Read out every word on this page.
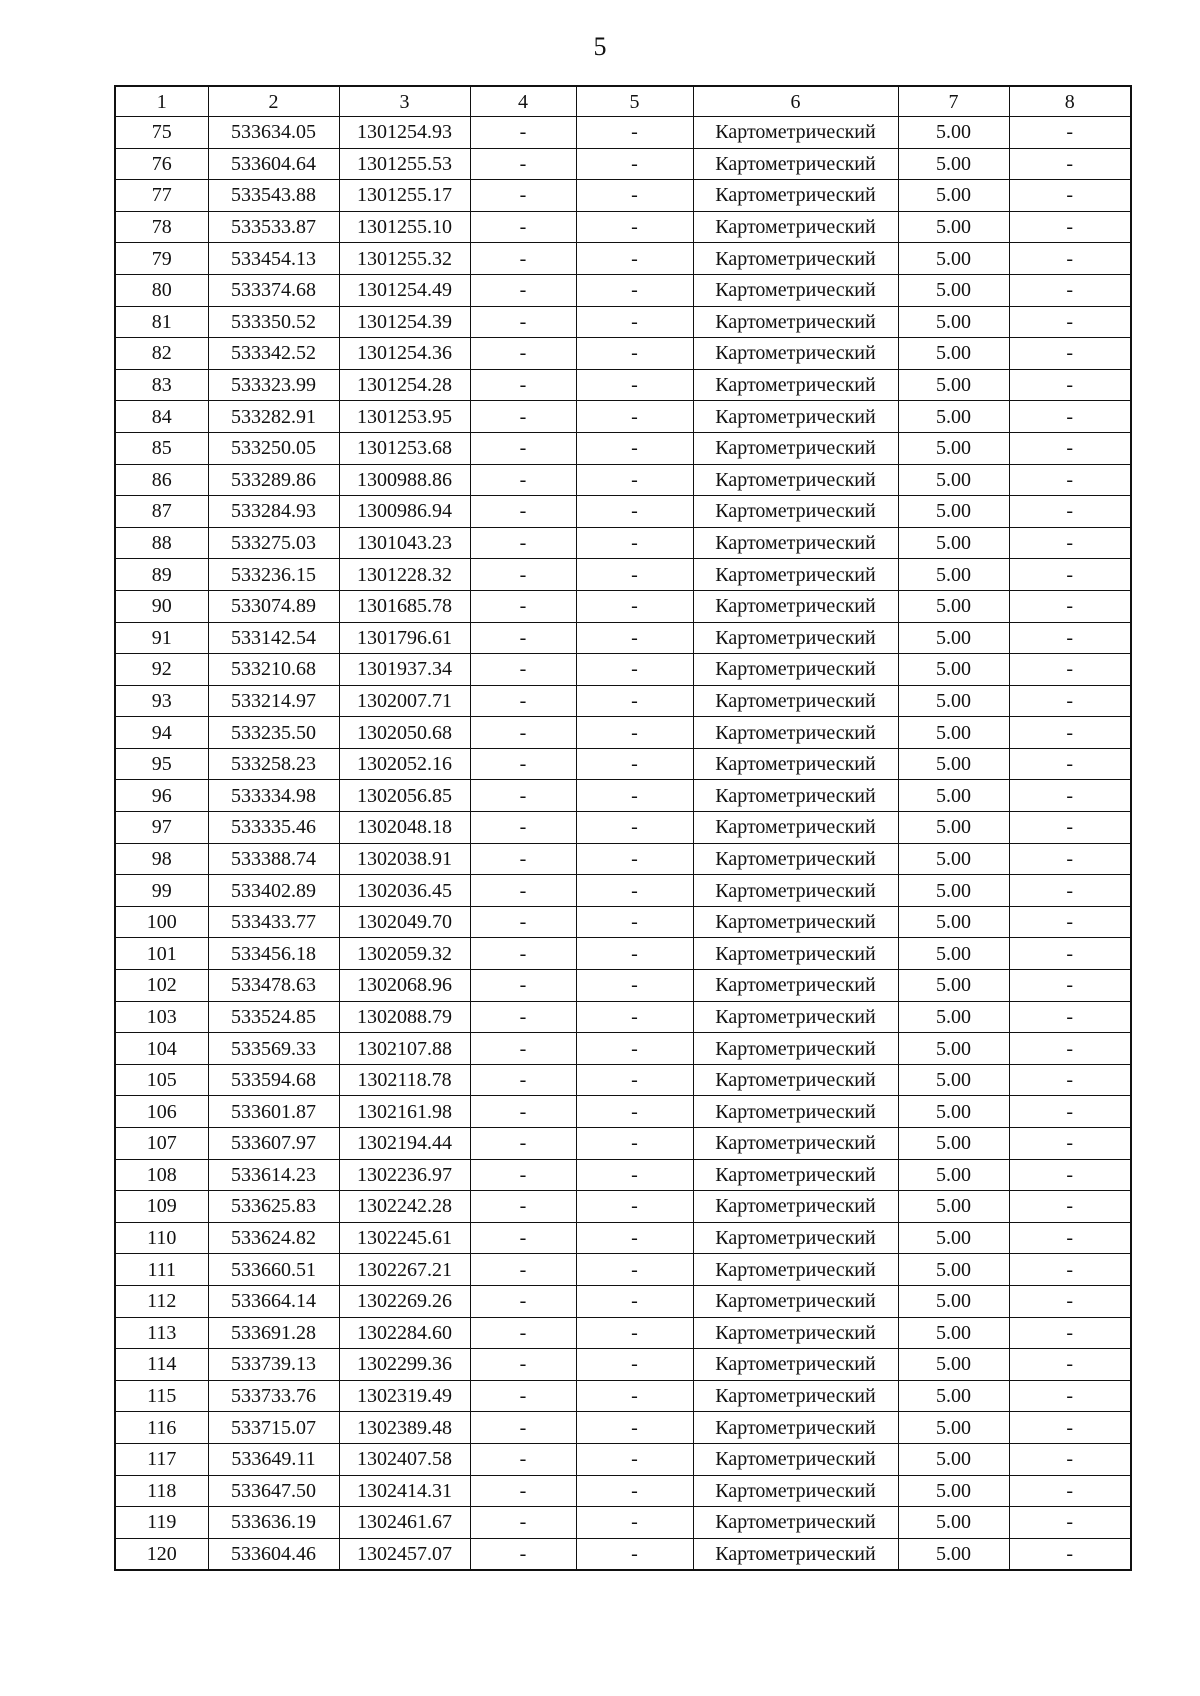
5
1	2	3	4	5	6	7	8
75	533634.05	1301254.93	-	-	Картометрический	5.00	-
76	533604.64	1301255.53	-	-	Картометрический	5.00	-
77	533543.88	1301255.17	-	-	Картометрический	5.00	-
78	533533.87	1301255.10	-	-	Картометрический	5.00	-
79	533454.13	1301255.32	-	-	Картометрический	5.00	-
80	533374.68	1301254.49	-	-	Картометрический	5.00	-
81	533350.52	1301254.39	-	-	Картометрический	5.00	-
82	533342.52	1301254.36	-	-	Картометрический	5.00	-
83	533323.99	1301254.28	-	-	Картометрический	5.00	-
84	533282.91	1301253.95	-	-	Картометрический	5.00	-
85	533250.05	1301253.68	-	-	Картометрический	5.00	-
86	533289.86	1300988.86	-	-	Картометрический	5.00	-
87	533284.93	1300986.94	-	-	Картометрический	5.00	-
88	533275.03	1301043.23	-	-	Картометрический	5.00	-
89	533236.15	1301228.32	-	-	Картометрический	5.00	-
90	533074.89	1301685.78	-	-	Картометрический	5.00	-
91	533142.54	1301796.61	-	-	Картометрический	5.00	-
92	533210.68	1301937.34	-	-	Картометрический	5.00	-
93	533214.97	1302007.71	-	-	Картометрический	5.00	-
94	533235.50	1302050.68	-	-	Картометрический	5.00	-
95	533258.23	1302052.16	-	-	Картометрический	5.00	-
96	533334.98	1302056.85	-	-	Картометрический	5.00	-
97	533335.46	1302048.18	-	-	Картометрический	5.00	-
98	533388.74	1302038.91	-	-	Картометрический	5.00	-
99	533402.89	1302036.45	-	-	Картометрический	5.00	-
100	533433.77	1302049.70	-	-	Картометрический	5.00	-
101	533456.18	1302059.32	-	-	Картометрический	5.00	-
102	533478.63	1302068.96	-	-	Картометрический	5.00	-
103	533524.85	1302088.79	-	-	Картометрический	5.00	-
104	533569.33	1302107.88	-	-	Картометрический	5.00	-
105	533594.68	1302118.78	-	-	Картометрический	5.00	-
106	533601.87	1302161.98	-	-	Картометрический	5.00	-
107	533607.97	1302194.44	-	-	Картометрический	5.00	-
108	533614.23	1302236.97	-	-	Картометрический	5.00	-
109	533625.83	1302242.28	-	-	Картометрический	5.00	-
110	533624.82	1302245.61	-	-	Картометрический	5.00	-
111	533660.51	1302267.21	-	-	Картометрический	5.00	-
112	533664.14	1302269.26	-	-	Картометрический	5.00	-
113	533691.28	1302284.60	-	-	Картометрический	5.00	-
114	533739.13	1302299.36	-	-	Картометрический	5.00	-
115	533733.76	1302319.49	-	-	Картометрический	5.00	-
116	533715.07	1302389.48	-	-	Картометрический	5.00	-
117	533649.11	1302407.58	-	-	Картометрический	5.00	-
118	533647.50	1302414.31	-	-	Картометрический	5.00	-
119	533636.19	1302461.67	-	-	Картометрический	5.00	-
120	533604.46	1302457.07	-	-	Картометрический	5.00	-
